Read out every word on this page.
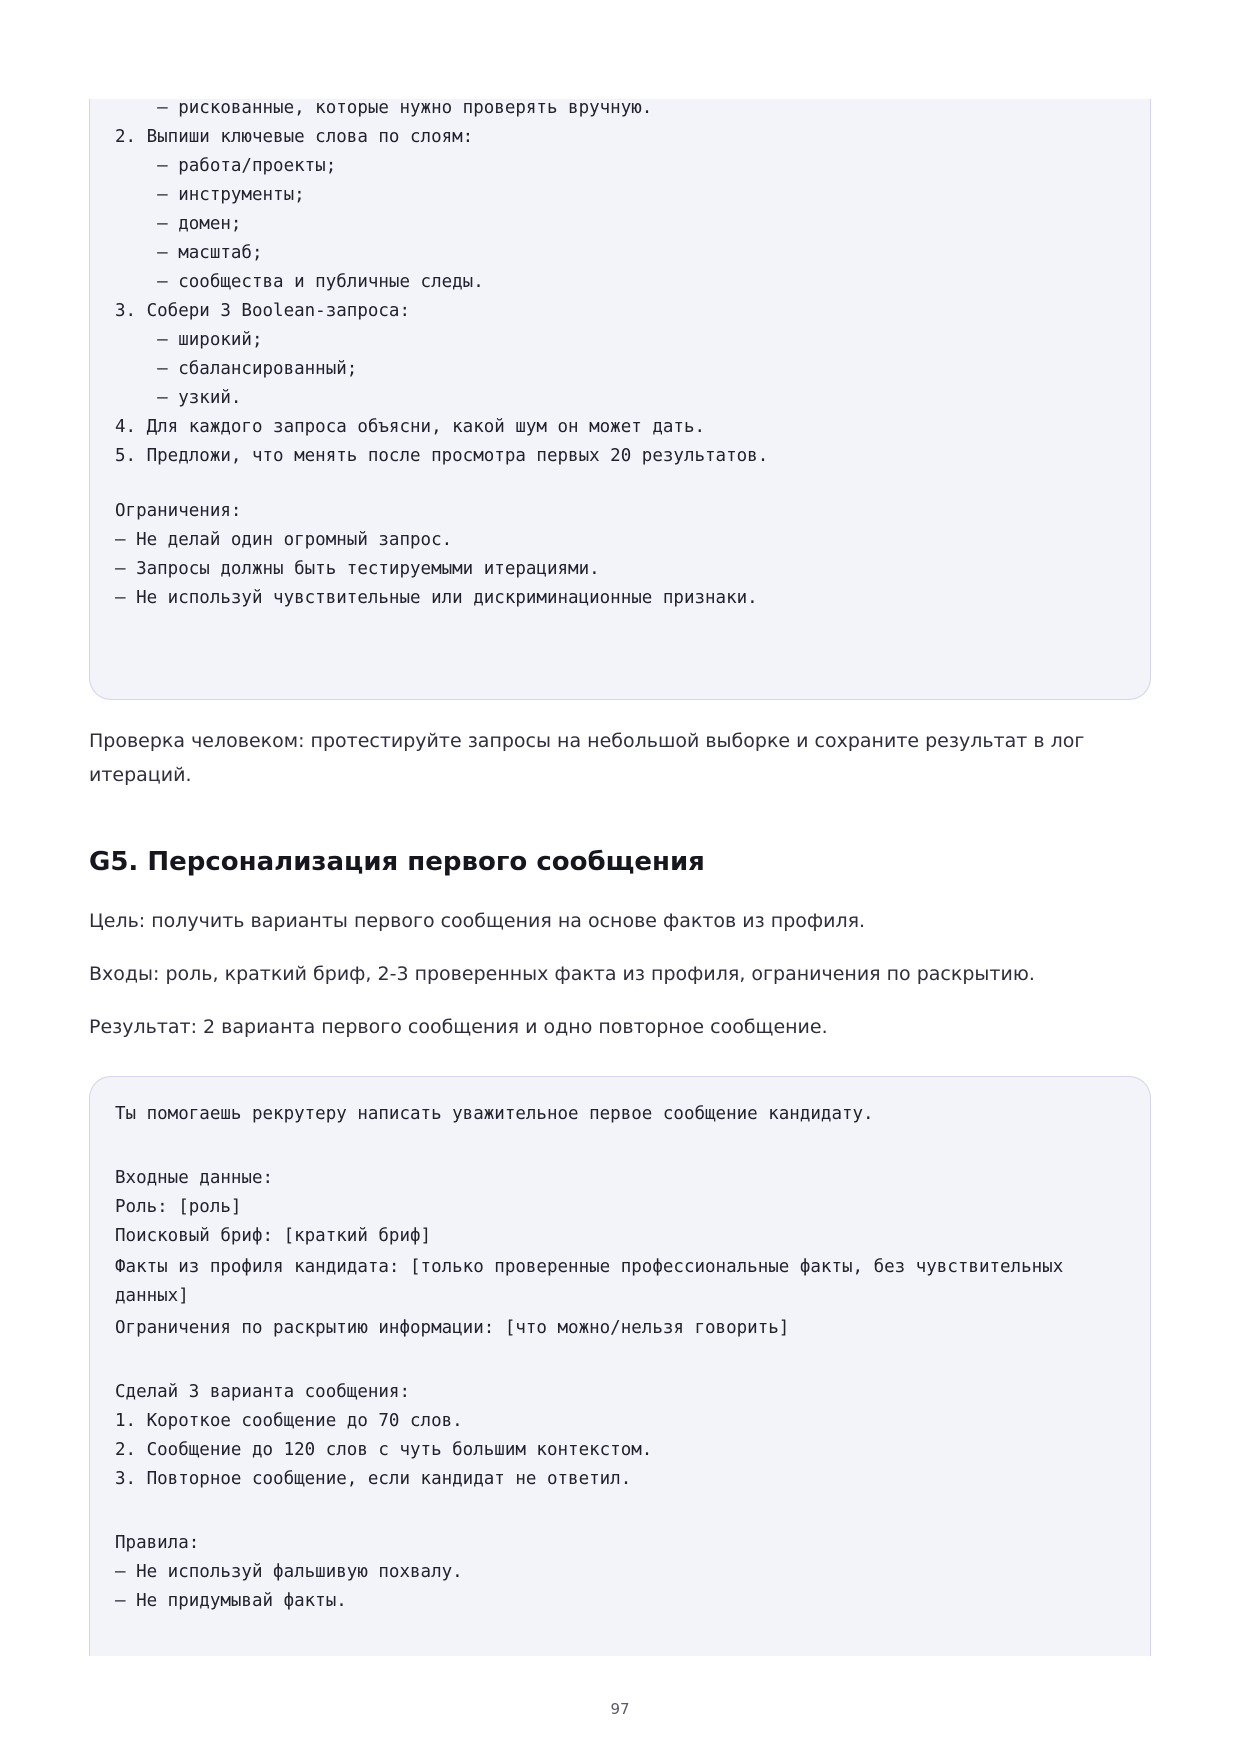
– рискованные, которые нужно проверять вручную.
2. Выпиши ключевые слова по слоям:
– работа/проекты;
– инструменты;
– домен;
– масштаб;
– сообщества и публичные следы.
3. Собери 3 Boolean-запроса:
– широкий;
– сбалансированный;
– узкий.
4. Для каждого запроса объясни, какой шум он может дать.
5. Предложи, что менять после просмотра первых 20 результатов.
Ограничения:
– Не делай один огромный запрос.
– Запросы должны быть тестируемыми итерациями.
– Не используй чувствительные или дискриминационные признаки.

Проверка человеком: протестируйте запросы на небольшой выборке и сохраните результат в лог итераций.

G5. Персонализация первого сообщения

Цель: получить варианты первого сообщения на основе фактов из профиля.

Входы: роль, краткий бриф, 2-3 проверенных факта из профиля, ограничения по раскрытию.

Результат: 2 варианта первого сообщения и одно повторное сообщение.

Ты помогаешь рекрутеру написать уважительное первое сообщение кандидату.
Входные данные:
Роль: [роль]
Поисковый бриф: [краткий бриф]
Факты из профиля кандидата: [только проверенные профессиональные факты, без чувствительных данных]
Ограничения по раскрытию информации: [что можно/нельзя говорить]
Сделай 3 варианта сообщения:
1. Короткое сообщение до 70 слов.
2. Сообщение до 120 слов с чуть большим контекстом.
3. Повторное сообщение, если кандидат не ответил.
Правила:
– Не используй фальшивую похвалу.
– Не придумывай факты.
97
